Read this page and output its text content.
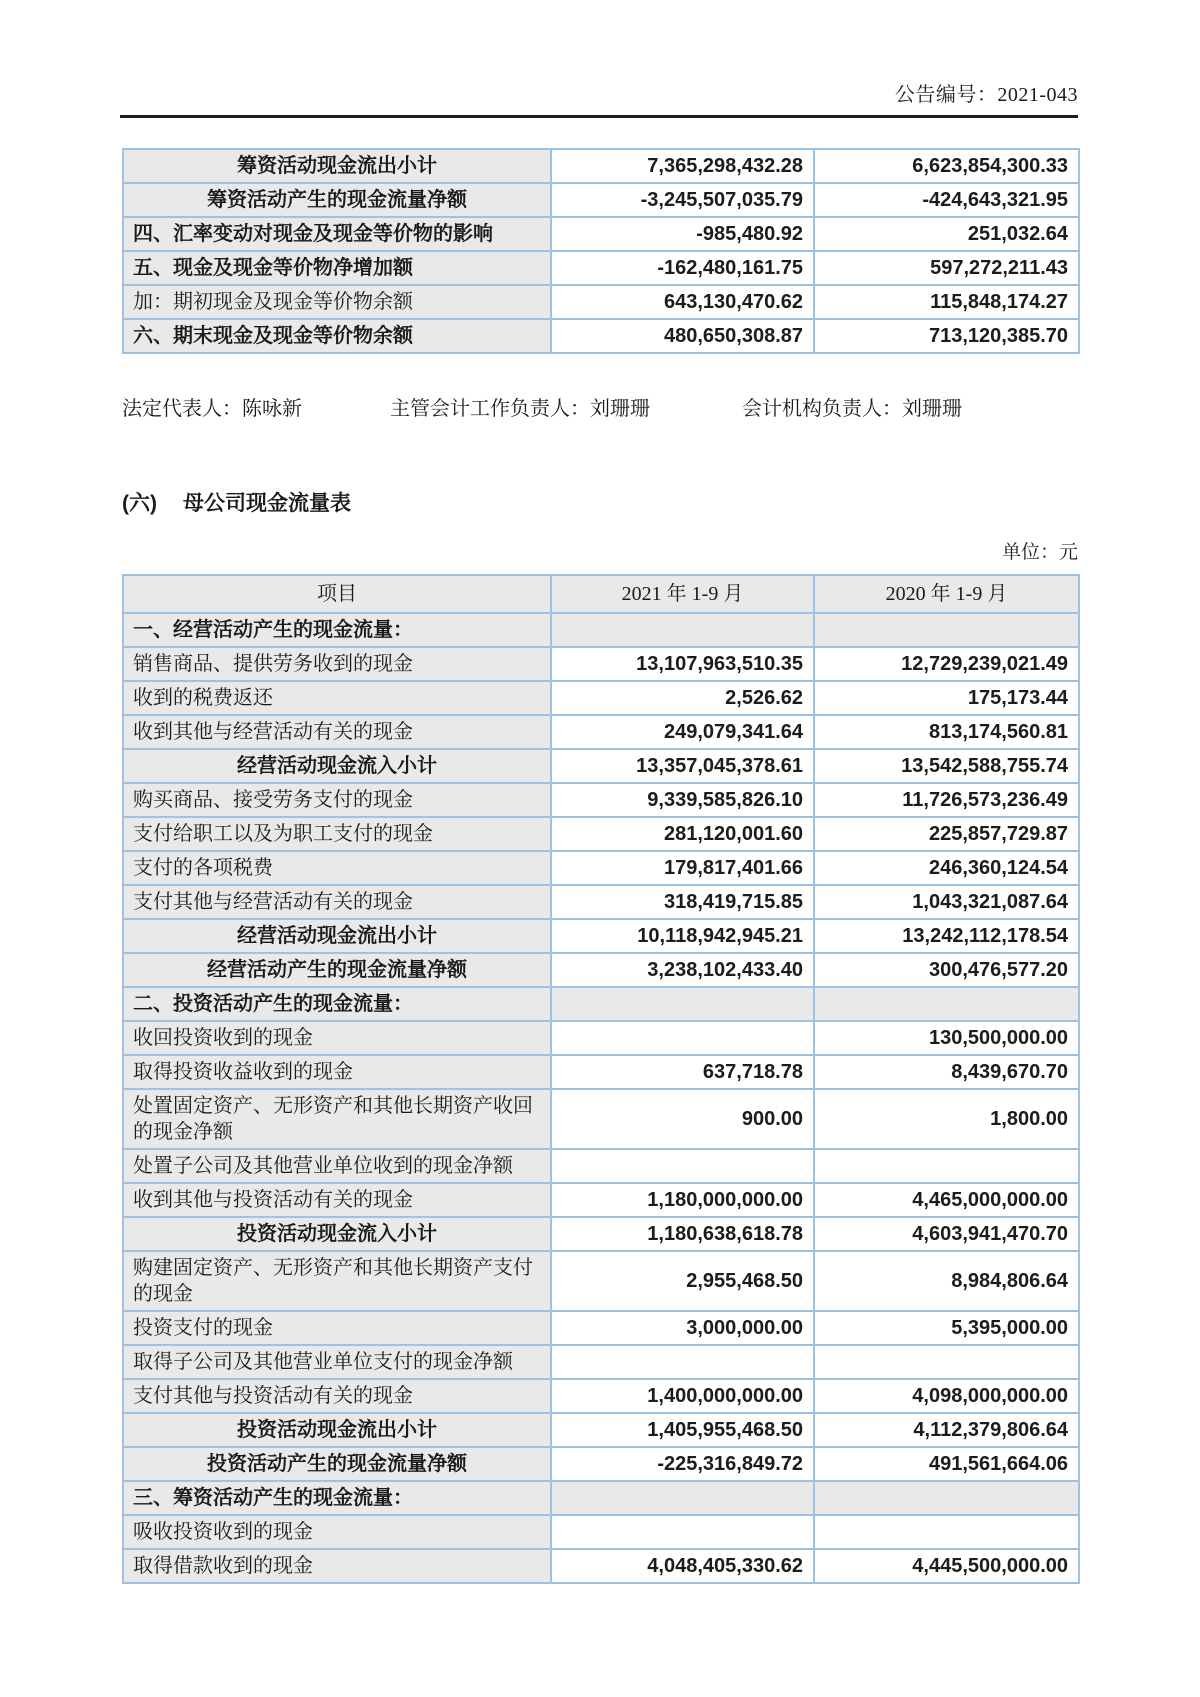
公告编号：2021-043
筹资活动现金流出小计	7,365,298,432.28	6,623,854,300.33
筹资活动产生的现金流量净额	-3,245,507,035.79	-424,643,321.95
四、汇率变动对现金及现金等价物的影响	-985,480.92	251,032.64
五、现金及现金等价物净增加额	-162,480,161.75	597,272,211.43
加：期初现金及现金等价物余额	643,130,470.62	115,848,174.27
六、期末现金及现金等价物余额	480,650,308.87	713,120,385.70
法定代表人：陈咏新	主管会计工作负责人：刘珊珊	会计机构负责人：刘珊珊
(六) 母公司现金流量表
单位：元
项目	2021 年 1-9 月	2020 年 1-9 月
一、经营活动产生的现金流量：		
销售商品、提供劳务收到的现金	13,107,963,510.35	12,729,239,021.49
收到的税费返还	2,526.62	175,173.44
收到其他与经营活动有关的现金	249,079,341.64	813,174,560.81
经营活动现金流入小计	13,357,045,378.61	13,542,588,755.74
购买商品、接受劳务支付的现金	9,339,585,826.10	11,726,573,236.49
支付给职工以及为职工支付的现金	281,120,001.60	225,857,729.87
支付的各项税费	179,817,401.66	246,360,124.54
支付其他与经营活动有关的现金	318,419,715.85	1,043,321,087.64
经营活动现金流出小计	10,118,942,945.21	13,242,112,178.54
经营活动产生的现金流量净额	3,238,102,433.40	300,476,577.20
二、投资活动产生的现金流量：		
收回投资收到的现金		130,500,000.00
取得投资收益收到的现金	637,718.78	8,439,670.70
处置固定资产、无形资产和其他长期资产收回的现金净额	900.00	1,800.00
处置子公司及其他营业单位收到的现金净额		
收到其他与投资活动有关的现金	1,180,000,000.00	4,465,000,000.00
投资活动现金流入小计	1,180,638,618.78	4,603,941,470.70
购建固定资产、无形资产和其他长期资产支付的现金	2,955,468.50	8,984,806.64
投资支付的现金	3,000,000.00	5,395,000.00
取得子公司及其他营业单位支付的现金净额		
支付其他与投资活动有关的现金	1,400,000,000.00	4,098,000,000.00
投资活动现金流出小计	1,405,955,468.50	4,112,379,806.64
投资活动产生的现金流量净额	-225,316,849.72	491,561,664.06
三、筹资活动产生的现金流量：		
吸收投资收到的现金		
取得借款收到的现金	4,048,405,330.62	4,445,500,000.00
